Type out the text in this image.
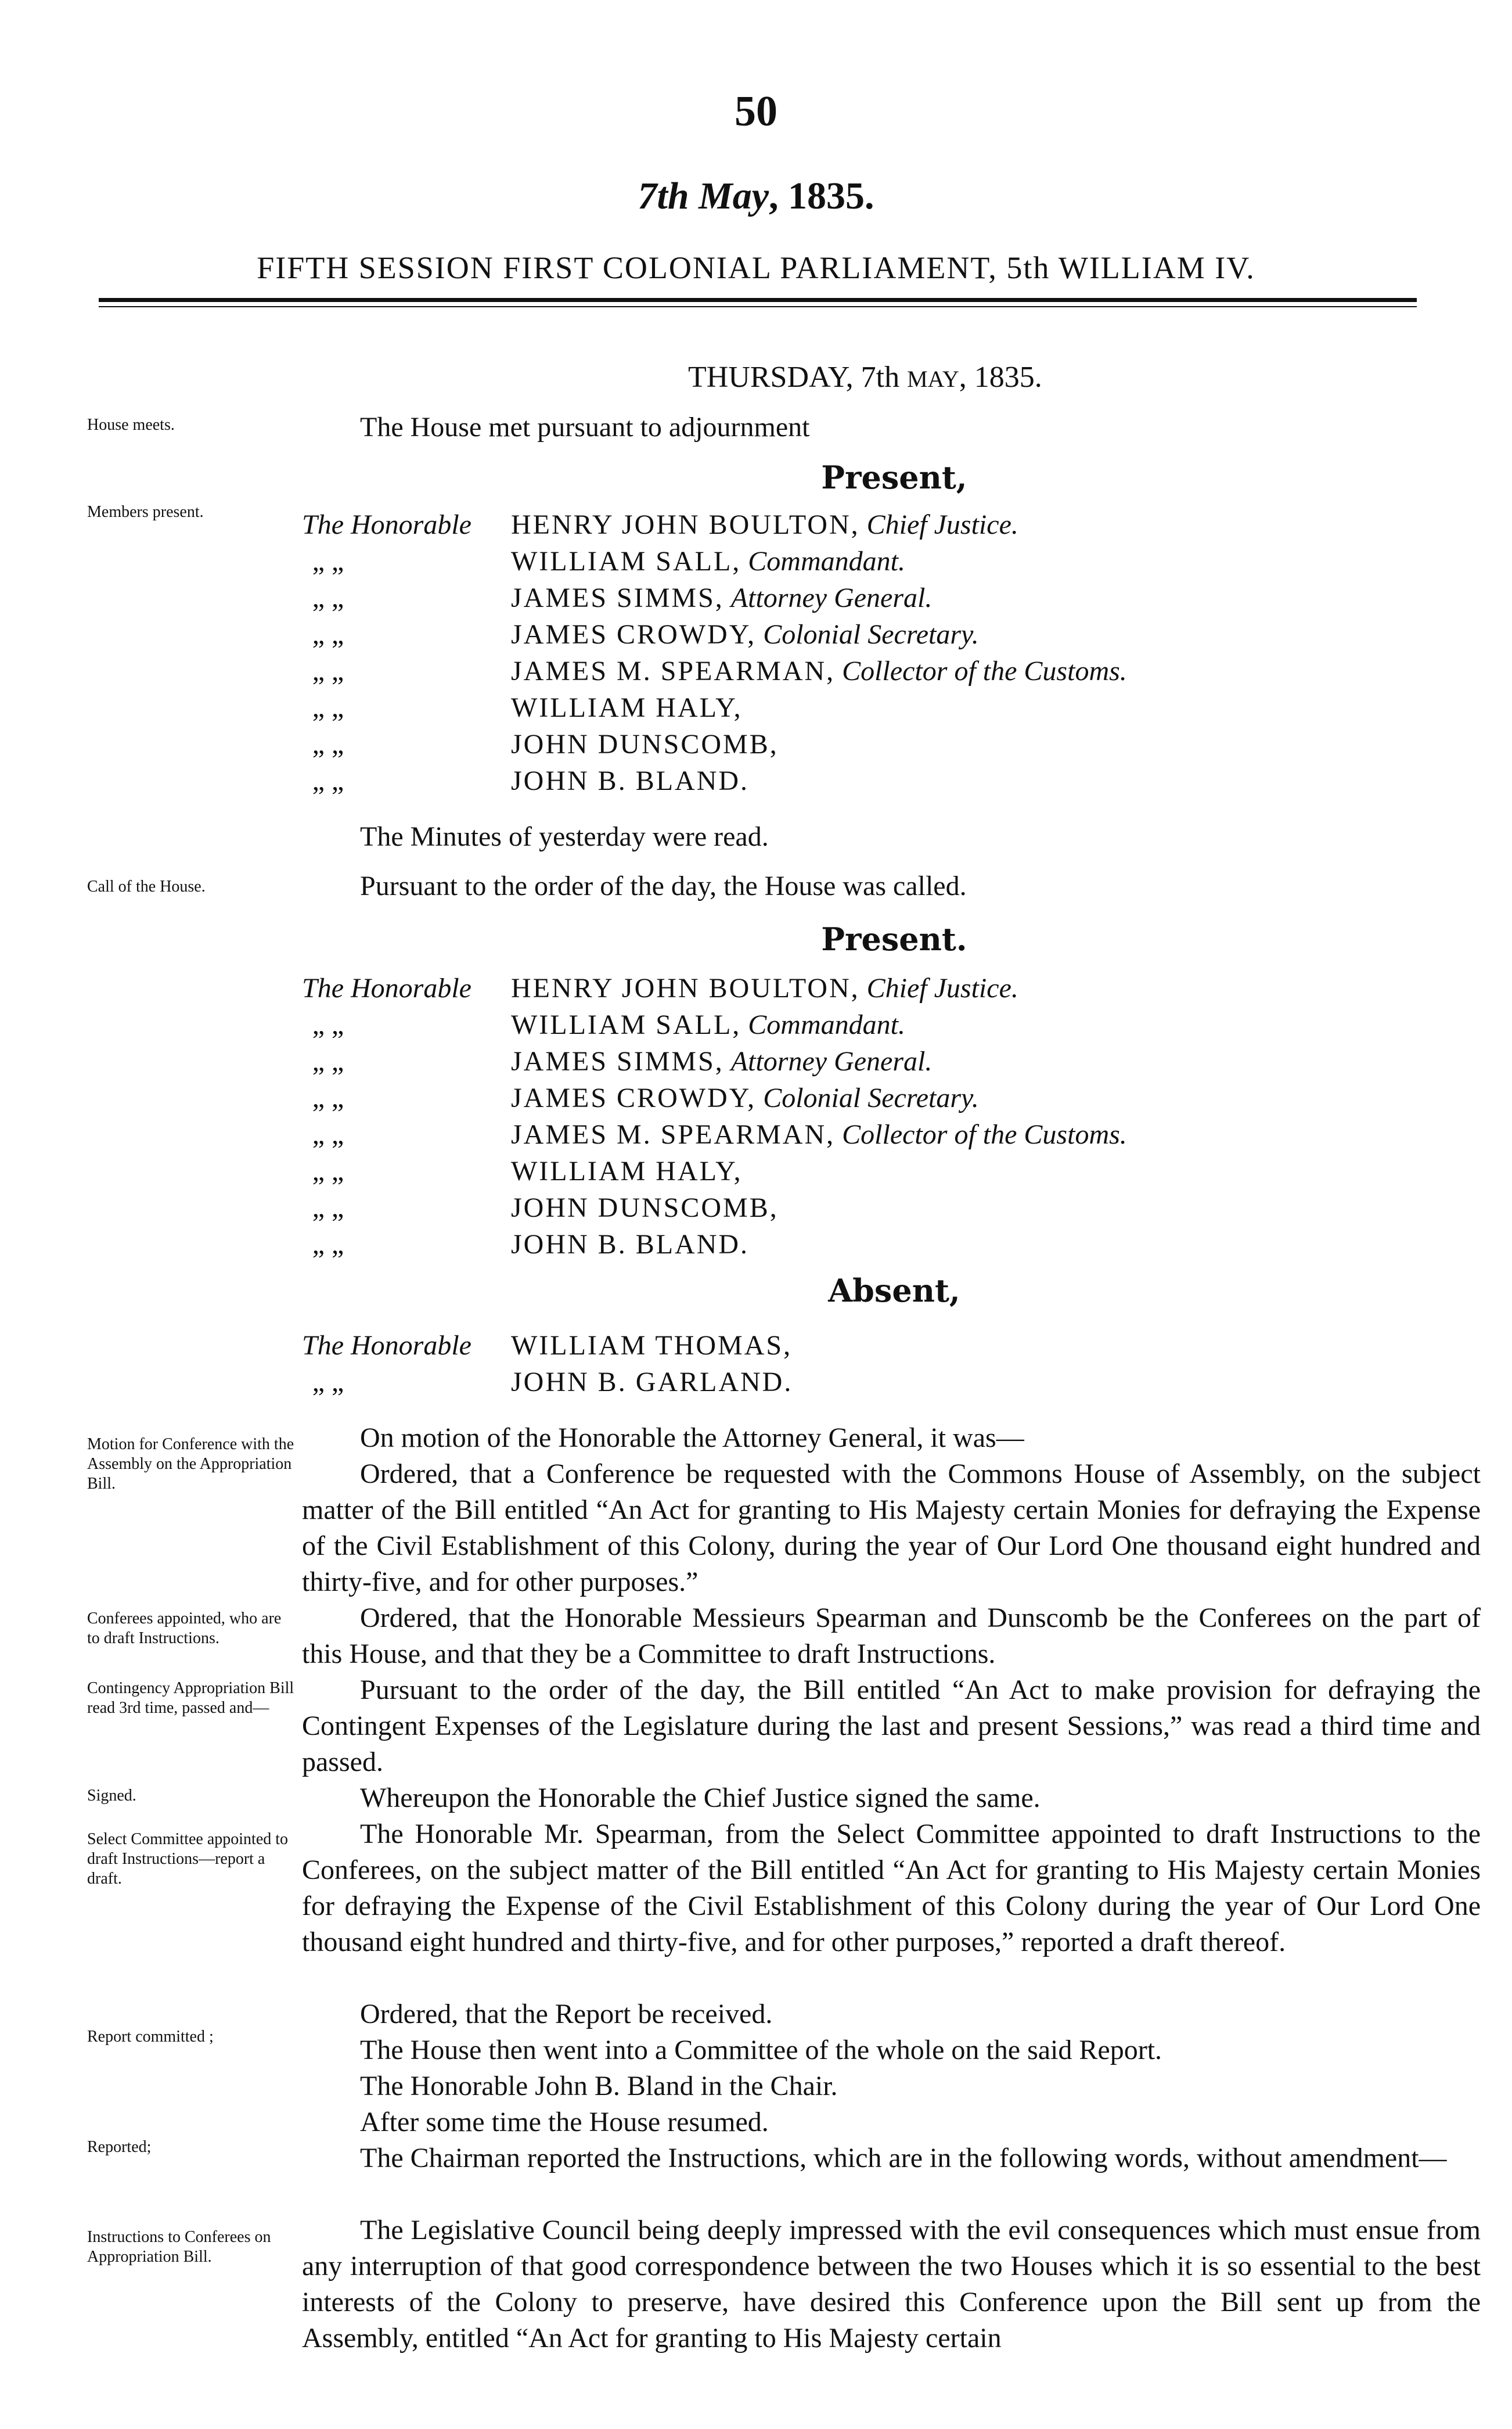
50
7th May, 1835.
FIFTH SESSION FIRST COLONIAL PARLIAMENT, 5th WILLIAM IV.
THURSDAY, 7th MAY, 1835.
House meets.
Members present.
Call of the House.
Motion for Conference with the Assembly on the Appropriation Bill.
Conferees appointed, who are to draft Instructions.
Contingency Appropriation Bill read 3rd time, passed and—
Signed.
Select Committee appointed to draft Instructions—report a draft.
Report committed ;
Reported;
Instructions to Conferees on Appropriation Bill.
The House met pursuant to adjournment
Present,
The Honorable HENRY JOHN BOULTON, Chief Justice.
„ „	WILLIAM SALL, Commandant.
„ „	JAMES SIMMS, Attorney General.
„ „	JAMES CROWDY, Colonial Secretary.
„ „	JAMES M. SPEARMAN, Collector of the Customs.
„ „	WILLIAM HALY,
„ „	JOHN DUNSCOMB,
„ „	JOHN B. BLAND.
The Minutes of yesterday were read.
Pursuant to the order of the day, the House was called.
Present.
The Honorable HENRY JOHN BOULTON, Chief Justice.
„ „	WILLIAM SALL, Commandant.
„ „	JAMES SIMMS, Attorney General.
„ „	JAMES CROWDY, Colonial Secretary.
„ „	JAMES M. SPEARMAN, Collector of the Customs.
„ „	WILLIAM HALY,
„ „	JOHN DUNSCOMB,
„ „	JOHN B. BLAND.
Absent,
The Honorable WILLIAM THOMAS,
„ „	JOHN B. GARLAND.
On motion of the Honorable the Attorney General, it was—
Ordered, that a Conference be requested with the Commons House of Assembly, on the subject matter of the Bill entitled “An Act for granting to His Majesty certain Monies for defraying the Expense of the Civil Establishment of this Colony, during the year of Our Lord One thousand eight hundred and thirty-five, and for other purposes.”
Ordered, that the Honorable Messieurs Spearman and Dunscomb be the Conferees on the part of this House, and that they be a Committee to draft Instructions.
Pursuant to the order of the day, the Bill entitled “An Act to make provision for defraying the Contingent Expenses of the Legislature during the last and present Sessions,” was read a third time and passed.
Whereupon the Honorable the Chief Justice signed the same.
The Honorable Mr. Spearman, from the Select Committee appointed to draft Instructions to the Conferees, on the subject matter of the Bill entitled “An Act for granting to His Majesty certain Monies for defraying the Expense of the Civil Establishment of this Colony during the year of Our Lord One thousand eight hundred and thirty-five, and for other purposes,” reported a draft thereof.
Ordered, that the Report be received.
The House then went into a Committee of the whole on the said Report.
The Honorable John B. Bland in the Chair.
After some time the House resumed.
The Chairman reported the Instructions, which are in the following words, without amendment—
The Legislative Council being deeply impressed with the evil consequences which must ensue from any interruption of that good correspondence between the two Houses which it is so essential to the best interests of the Colony to preserve, have desired this Conference upon the Bill sent up from the Assembly, entitled “An Act for granting to His Majesty certain
